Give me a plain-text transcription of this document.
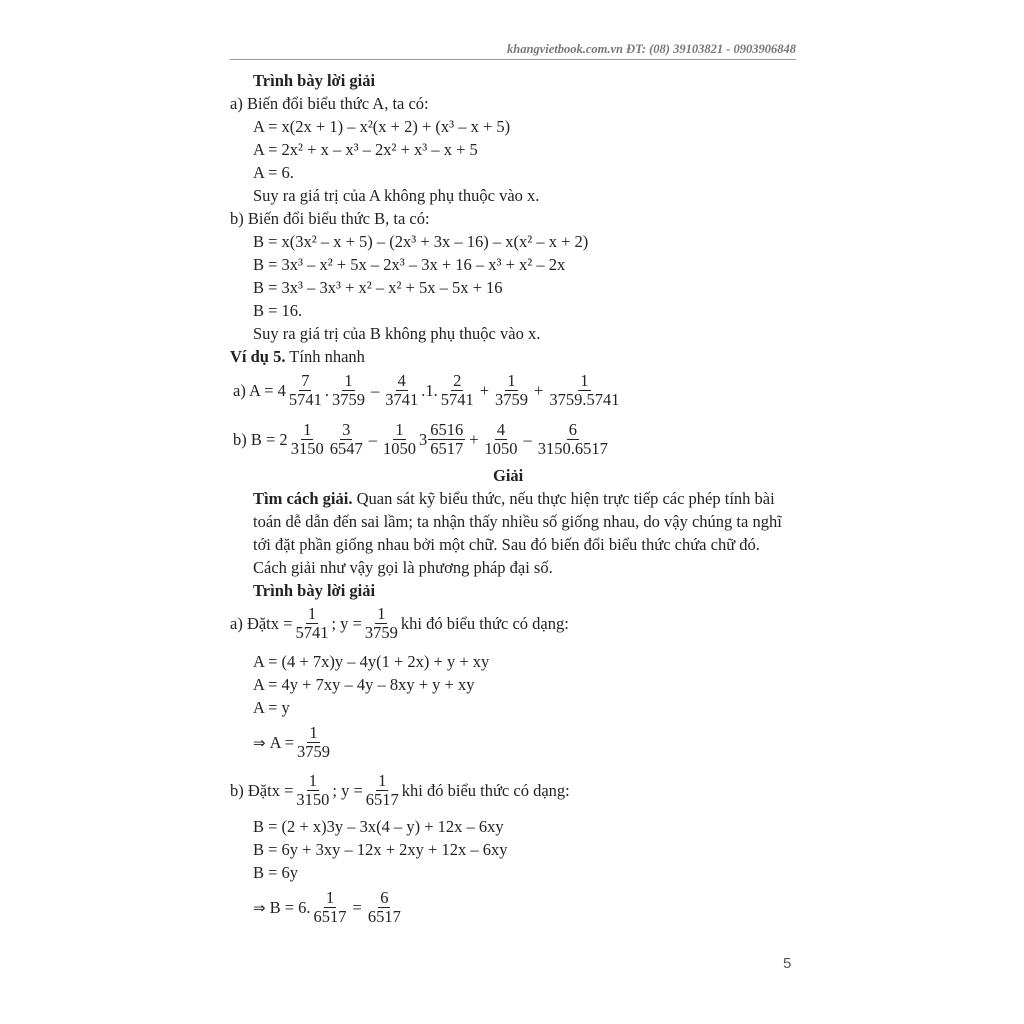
khangvietbook.com.vn ĐT: (08) 39103821 - 0903906848
Trình bày lời giải
a) Biến đổi biểu thức A, ta có:
A = x(2x + 1) – x²(x + 2) + (x³ – x + 5)
A = 2x² + x – x³ – 2x² + x³ – x + 5
A = 6.
Suy ra giá trị của A không phụ thuộc vào x.
b) Biến đổi biểu thức B, ta có:
B = x(3x² – x + 5) – (2x³ + 3x – 16) – x(x² – x + 2)
B = 3x³ – x² + 5x – 2x³ – 3x + 16 – x³ + x² – 2x
B = 3x³ – 3x³ + x² – x² + 5x – 5x + 16
B = 16.
Suy ra giá trị của B không phụ thuộc vào x.
Ví dụ 5. Tính nhanh
a) $A = 4 \frac{7}{5741}$ . $\frac{1}{3759} - \frac{4}{3741} .1$. $\frac{2}{5741} + \frac{1}{3759} + \frac{1}{3759.5741}$
b) $B = 2 \frac{1}{3150} \frac{3}{6547} - \frac{1}{1050} 3 \frac{6516}{6517} + \frac{4}{1050} - \frac{6}{3150.6517}$
Giải
Tìm cách giải. Quan sát kỹ biểu thức, nếu thực hiện trực tiếp các phép tính bài
toán dễ dẫn đến sai lầm; ta nhận thấy nhiều số giống nhau, do vậy chúng ta nghĩ
tới đặt phần giống nhau bởi một chữ. Sau đó biến đổi biểu thức chứa chữ đó.
Cách giải như vậy gọi là phương pháp đại số.
Trình bày lời giải
a) Đặt $x = \frac{1}{5741}$ ; $y = \frac{1}{3759}$ khi đó biểu thức có dạng:
A = (4 + 7x)y – 4y(1 + 2x) + y + xy
A = 4y + 7xy – 4y – 8xy + y + xy
A = y
⇒ $A = \frac{1}{3759}$
b) Đặt $x = \frac{1}{3150}$ ; $y = \frac{1}{6517}$ khi đó biểu thức có dạng:
B = (2 + x)3y – 3x(4 – y) + 12x – 6xy
B = 6y + 3xy – 12x + 2xy + 12x – 6xy
B = 6y
⇒ B = 6. $\frac{1}{6517} = \frac{6}{6517}$
5
